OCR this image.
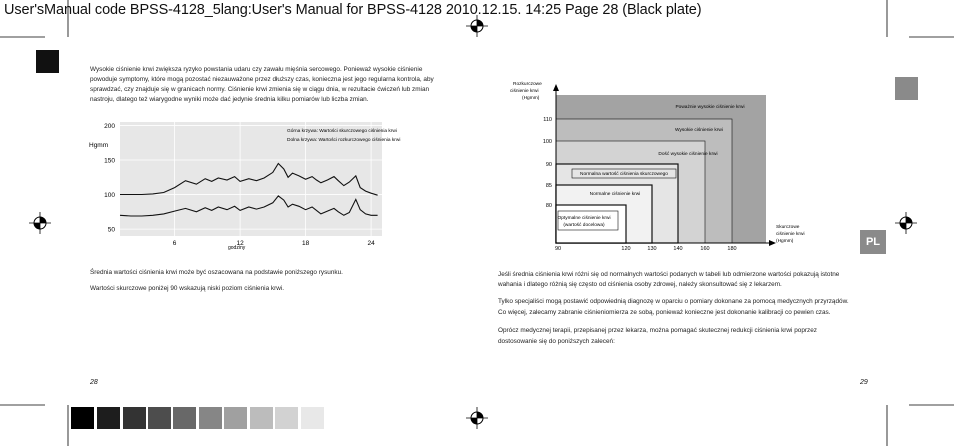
User'sManual code BPSS-4128_5lang:User's Manual for BPSS-4128 2010.12.15. 14:25 Page 28 (Black plate)
PL
Wysokie ciśnienie krwi zwiększa ryzyko powstania udaru czy zawału mięśnia sercowego. Ponieważ wysokie ciśnienie
powoduje symptomy, które mogą pozostać niezauważone przez dłuższy czas, konieczna jest jego regularna kontrola, aby
sprawdzać, czy znajduje się w granicach normy. Ciśnienie krwi zmienia się w ciągu dnia, w rezultacie ćwiczeń lub zmian
nastroju, dlatego też wiarygodne wyniki może dać jedynie średnia kilku pomiarów lub liczba zmian.
200
150
100
50
6	12	18	24
Hgmm
Górna krzywa: Wartości skurczowego ciśnienia krwi
Dolna krzywa: Wartości rozkurczowego ciśnienia krwi
godziny
Średnia wartości ciśnienia krwi może być oszacowana na podstawie poniższego rysunku.
Wartości skurczowe poniżej 90 wskazują niski poziom ciśnienia krwi.
28
Poważnie wysokie ciśnienie krwi
Wysokie ciśnienie krwi
Dość wysokie ciśnienie krwi
Normalna wartość ciśnienia skurczowego
Normalne ciśnienie krwi
Optymalne ciśnienie krwi (wartość docelowa)
110
100
90
85
80
90	120	130	140	160	180
Rozkurczowe ciśnienie krwi (Hgmm)
Skurczowe ciśnienie krwi (Hgmm)
Jeśli średnia ciśnienia krwi różni się od normalnych wartości podanych w tabeli lub odmierzone wartości pokazują istotne
wahania i dlatego różnią się często od ciśnienia osoby zdrowej, należy skonsultować się z lekarzem.
Tylko specjaliści mogą postawić odpowiednią diagnozę w oparciu o pomiary dokonane za pomocą medycznych przyrządów.
Co więcej, zalecamy zabranie ciśnieniomierza ze sobą, ponieważ konieczne jest dokonanie kalibracji co pewien czas.
Oprócz medycznej terapii, przepisanej przez lekarza, można pomagać skutecznej redukcji ciśnienia krwi poprzez
dostosowanie się do poniższych zaleceń:
29
